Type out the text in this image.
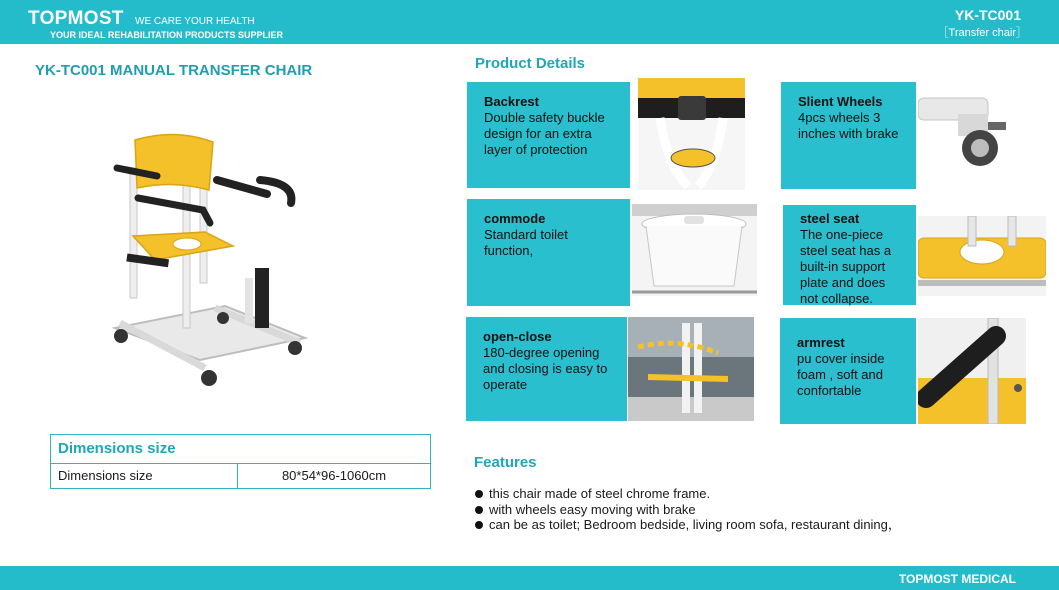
TOPMOST WE CARE YOUR HEALTH
YOUR IDEAL REHABILITATION PRODUCTS SUPPLIER
YK-TC001
［Transfer chair］
YK-TC001 MANUAL TRANSFER CHAIR
Dimensions size
Dimensions size	80*54*96-1060cm
Product Details
Backrest
Double safety buckle design for an extra layer of protection
Slient Wheels
4pcs wheels 3 inches with brake
commode
Standard toilet function,
steel seat
The one-piece steel seat has a built-in support plate and does not collapse.
open-close
180-degree opening and closing is easy to operate
armrest
pu cover inside foam , soft and confortable
Features
this chair made of steel chrome frame.
with wheels easy moving with brake
can be as toilet; Bedroom bedside, living room sofa, restaurant dining，
TOPMOST MEDICAL
